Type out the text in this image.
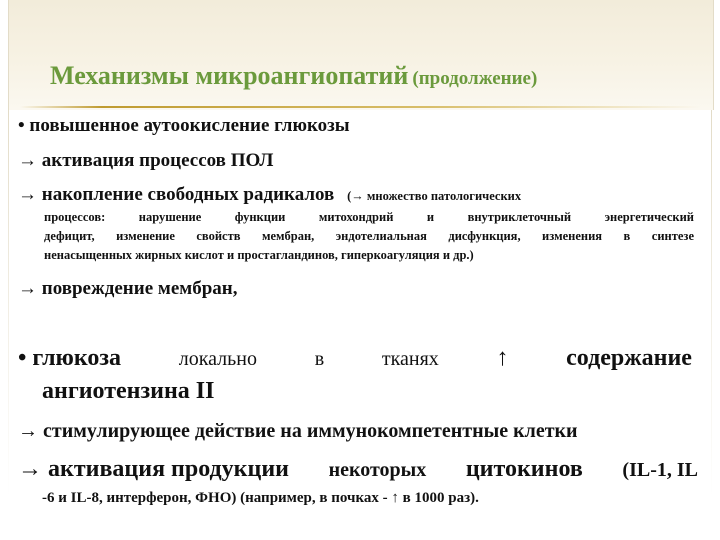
Механизмы микроангиопатий (продолжение)
• повышенное аутоокисление глюкозы
→ активация процессов ПОЛ
→ накопление свободных радикалов (→ множество патологических
процессов: нарушение функции митохондрий и внутриклеточный энергетический
дефицит, изменение свойств мембран, эндотелиальная дисфункция, изменения в синтезе
ненасыщенных жирных кислот и простагландинов, гиперкоагуляция и др.)
→ повреждение мембран,
• глюкоза	локально	в	тканях ↑ содержание
ангиотензина II
→ стимулирующее действие на иммунокомпетентные клетки
→ активация продукции некоторых цитокинов (IL-1, IL
-6 и IL-8, интерферон, ФНО) (например, в почках - ↑ в 1000 раз).
